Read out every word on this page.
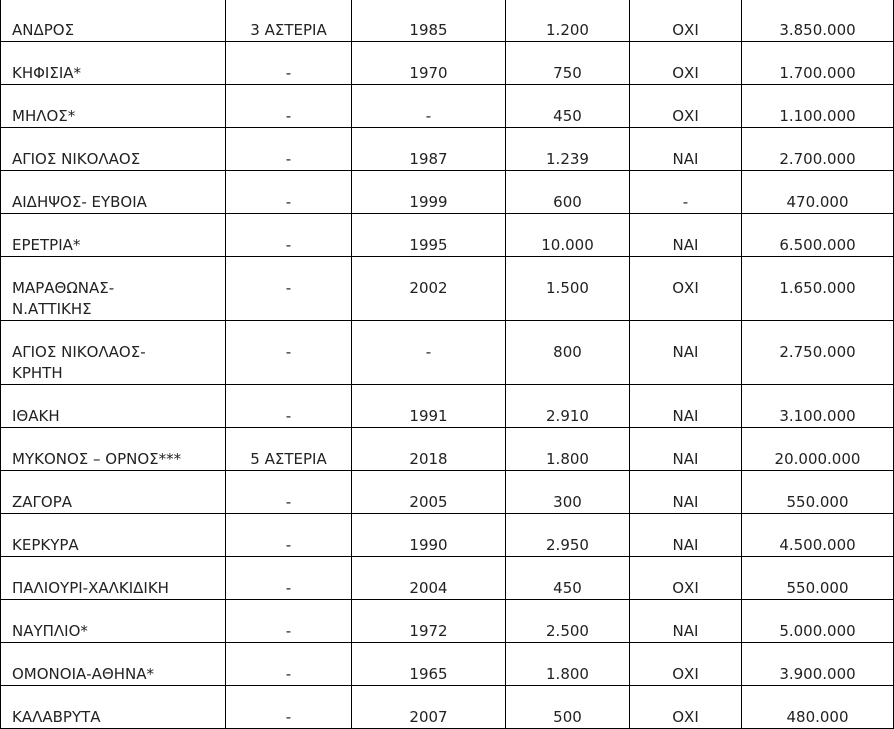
ΑΝΔΡΟΣ	3 ΑΣΤΕΡΙΑ	1985	1.200	ΟΧΙ	3.850.000

ΚΗΦΙΣΙΑ*	-	1970	750	ΟΧΙ	1.700.000

ΜΗΛΟΣ*	-	-	450	ΟΧΙ	1.100.000

ΑΓΙΟΣ ΝΙΚΟΛΑΟΣ	-	1987	1.239	ΝΑΙ	2.700.000

ΑΙΔΗΨΟΣ- ΕΥΒΟΙΑ	-	1999	600	-	470.000

ΕΡΕΤΡΙΑ*	-	1995	10.000	ΝΑΙ	6.500.000

ΜΑΡΑΘΩΝΑΣ-
Ν.ΑΤΤΙΚΗΣ	-	2002	1.500	ΟΧΙ	1.650.000

ΑΓΙΟΣ ΝΙΚΟΛΑΟΣ-
ΚΡΗΤΗ	-	-	800	ΝΑΙ	2.750.000

ΙΘΑΚΗ	-	1991	2.910	ΝΑΙ	3.100.000

ΜΥΚΟΝΟΣ – ΟΡΝΟΣ***	5 ΑΣΤΕΡΙΑ	2018	1.800	ΝΑΙ	20.000.000

ΖΑΓΟΡΑ	-	2005	300	ΝΑΙ	550.000

ΚΕΡΚΥΡΑ	-	1990	2.950	ΝΑΙ	4.500.000

ΠΑΛΙΟΥΡΙ-ΧΑΛΚΙΔΙΚΗ	-	2004	450	ΟΧΙ	550.000

ΝΑΥΠΛΙΟ*	-	1972	2.500	ΝΑΙ	5.000.000

ΟΜΟΝΟΙΑ-ΑΘΗΝΑ*	-	1965	1.800	ΟΧΙ	3.900.000

ΚΑΛΑΒΡΥΤΑ	-	2007	500	ΟΧΙ	480.000
